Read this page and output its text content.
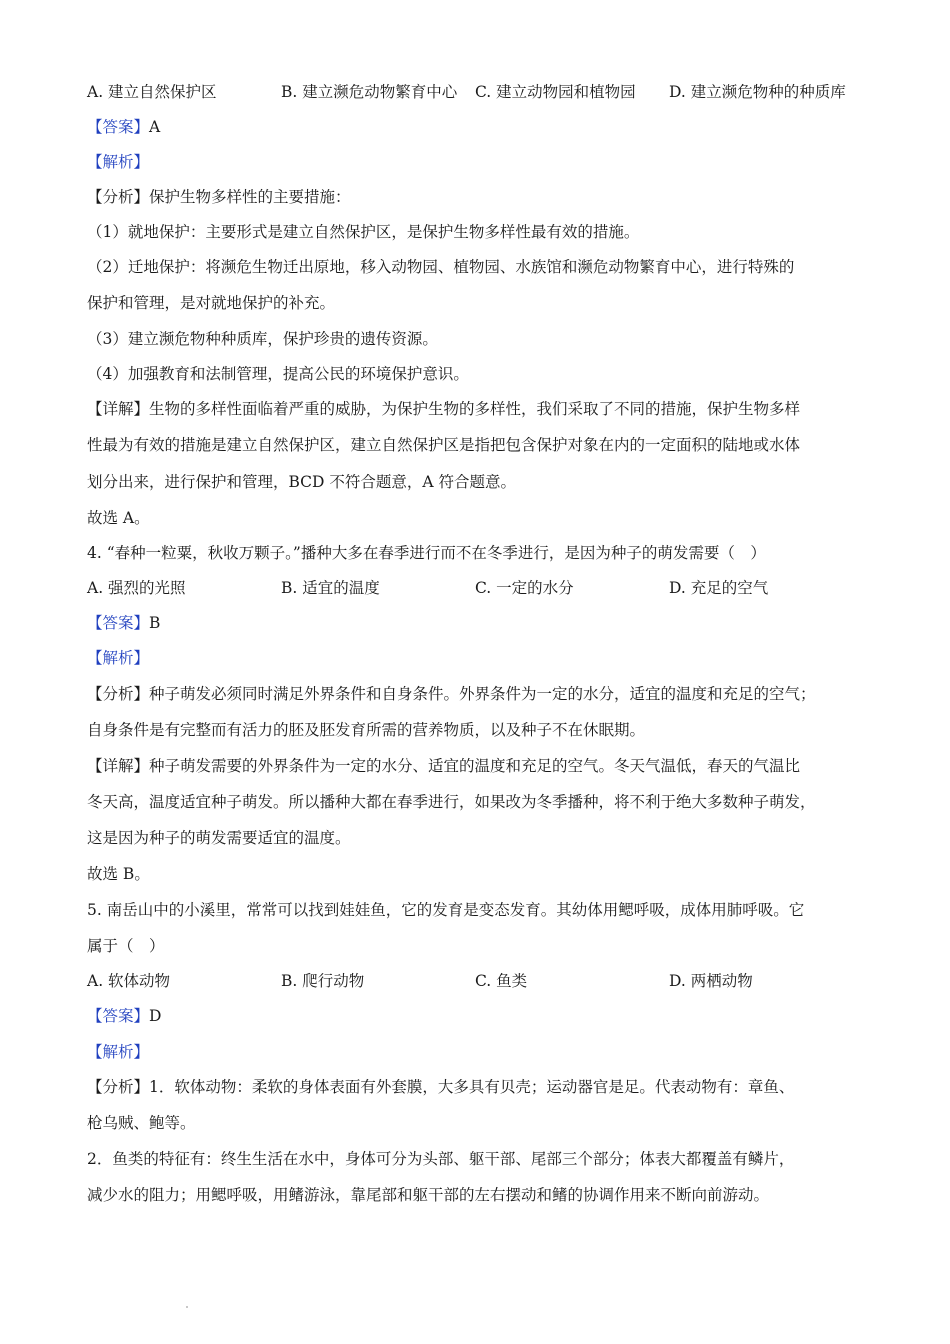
A. 建立自然保护区	B. 建立濒危动物繁育中心 C. 建立动物园和植物园 D. 建立濒危物种的种质库
【答案】A
【解析】
【分析】保护生物多样性的主要措施：
（1）就地保护：主要形式是建立自然保护区，是保护生物多样性最有效的措施。
（2）迁地保护：将濒危生物迁出原地，移入动物园、植物园、水族馆和濒危动物繁育中心，进行特殊的
保护和管理，是对就地保护的补充。
（3）建立濒危物种种质库，保护珍贵的遗传资源。
（4）加强教育和法制管理，提高公民的环境保护意识。
【详解】生物的多样性面临着严重的威胁，为保护生物的多样性，我们采取了不同的措施，保护生物多样
性最为有效的措施是建立自然保护区，建立自然保护区是指把包含保护对象在内的一定面积的陆地或水体
划分出来，进行保护和管理，BCD 不符合题意，A 符合题意。
故选 A。
4. “春种一粒粟，秋收万颗子。”播种大多在春季进行而不在冬季进行，是因为种子的萌发需要（　）
A. 强烈的光照	B. 适宜的温度	C. 一定的水分	D. 充足的空气
【答案】B
【解析】
【分析】种子萌发必须同时满足外界条件和自身条件。外界条件为一定的水分，适宜的温度和充足的空气；
自身条件是有完整而有活力的胚及胚发育所需的营养物质，以及种子不在休眠期。
【详解】种子萌发需要的外界条件为一定的水分、适宜的温度和充足的空气。冬天气温低，春天的气温比
冬天高，温度适宜种子萌发。所以播种大都在春季进行，如果改为冬季播种，将不利于绝大多数种子萌发，
这是因为种子的萌发需要适宜的温度。
故选 B。
5. 南岳山中的小溪里，常常可以找到娃娃鱼，它的发育是变态发育。其幼体用鳃呼吸，成体用肺呼吸。它
属于（　）
A. 软体动物	B. 爬行动物	C. 鱼类	D. 两栖动物
【答案】D
【解析】
【分析】1．软体动物：柔软的身体表面有外套膜，大多具有贝壳；运动器官是足。代表动物有：章鱼、
枪乌贼、鲍等。
2．鱼类的特征有：终生生活在水中，身体可分为头部、躯干部、尾部三个部分；体表大都覆盖有鳞片，
减少水的阻力；用鳃呼吸，用鳍游泳，靠尾部和躯干部的左右摆动和鳍的协调作用来不断向前游动。
